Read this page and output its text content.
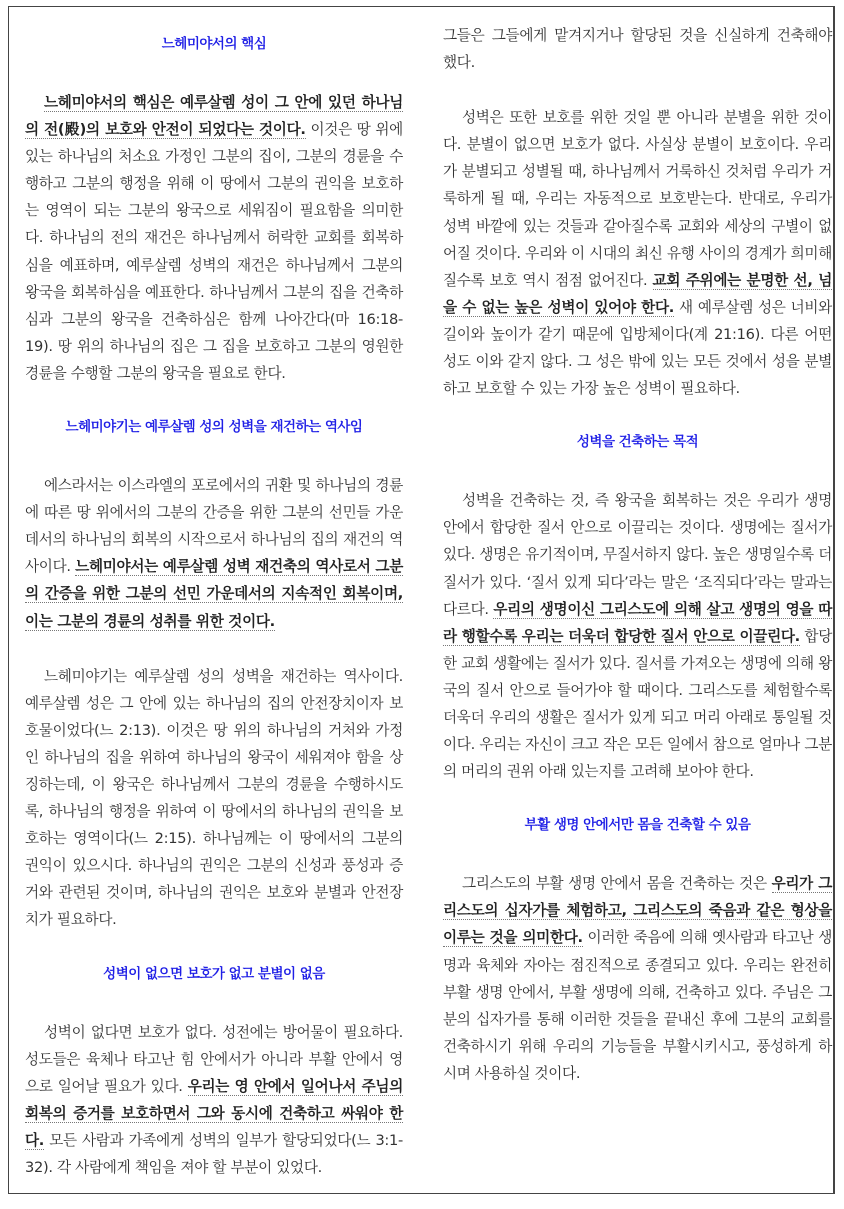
느헤미야서의 핵심

느헤미야서의 핵심은 예루살렘 성이 그 안에 있던 하나님의 전(殿)의 보호와 안전이 되었다는 것이다. 이것은 땅 위에 있는 하나님의 처소요 가정인 그분의 집이, 그분의 경륜을 수행하고 그분의 행정을 위해 이 땅에서 그분의 권익을 보호하는 영역이 되는 그분의 왕국으로 세워짐이 필요함을 의미한다. 하나님의 전의 재건은 하나님께서 허락한 교회를 회복하심을 예표하며, 예루살렘 성벽의 재건은 하나님께서 그분의 왕국을 회복하심을 예표한다. 하나님께서 그분의 집을 건축하심과 그분의 왕국을 건축하심은 함께 나아간다(마 16:18-19). 땅 위의 하나님의 집은 그 집을 보호하고 그분의 영원한 경륜을 수행할 그분의 왕국을 필요로 한다.

느헤미야기는 예루살렘 성의 성벽을 재건하는 역사임

에스라서는 이스라엘의 포로에서의 귀환 및 하나님의 경륜에 따른 땅 위에서의 그분의 간증을 위한 그분의 선민들 가운데서의 하나님의 회복의 시작으로서 하나님의 집의 재건의 역사이다. 느헤미야서는 예루살렘 성벽 재건축의 역사로서 그분의 간증을 위한 그분의 선민 가운데서의 지속적인 회복이며, 이는 그분의 경륜의 성취를 위한 것이다.

느헤미야기는 예루살렘 성의 성벽을 재건하는 역사이다. 예루살렘 성은 그 안에 있는 하나님의 집의 안전장치이자 보호물이었다(느 2:13). 이것은 땅 위의 하나님의 거처와 가정인 하나님의 집을 위하여 하나님의 왕국이 세워져야 함을 상징하는데, 이 왕국은 하나님께서 그분의 경륜을 수행하시도록, 하나님의 행정을 위하여 이 땅에서의 하나님의 권익을 보호하는 영역이다(느 2:15). 하나님께는 이 땅에서의 그분의 권익이 있으시다. 하나님의 권익은 그분의 신성과 풍성과 증거와 관련된 것이며, 하나님의 권익은 보호와 분별과 안전장치가 필요하다.

성벽이 없으면 보호가 없고 분별이 없음

성벽이 없다면 보호가 없다. 성전에는 방어물이 필요하다. 성도들은 육체나 타고난 힘 안에서가 아니라 부활 안에서 영으로 일어날 필요가 있다. 우리는 영 안에서 일어나서 주님의 회복의 증거를 보호하면서 그와 동시에 건축하고 싸워야 한다. 모든 사람과 가족에게 성벽의 일부가 할당되었다(느 3:1-32). 각 사람에게 책임을 져야 할 부분이 있었다.

그들은 그들에게 맡겨지거나 할당된 것을 신실하게 건축해야 했다.

성벽은 또한 보호를 위한 것일 뿐 아니라 분별을 위한 것이다. 분별이 없으면 보호가 없다. 사실상 분별이 보호이다. 우리가 분별되고 성별될 때, 하나님께서 거룩하신 것처럼 우리가 거룩하게 될 때, 우리는 자동적으로 보호받는다. 반대로, 우리가 성벽 바깥에 있는 것들과 같아질수록 교회와 세상의 구별이 없어질 것이다. 우리와 이 시대의 최신 유행 사이의 경계가 희미해질수록 보호 역시 점점 없어진다. 교회 주위에는 분명한 선, 넘을 수 없는 높은 성벽이 있어야 한다. 새 예루살렘 성은 너비와 길이와 높이가 같기 때문에 입방체이다(계 21:16). 다른 어떤 성도 이와 같지 않다. 그 성은 밖에 있는 모든 것에서 성을 분별하고 보호할 수 있는 가장 높은 성벽이 필요하다.

성벽을 건축하는 목적

성벽을 건축하는 것, 즉 왕국을 회복하는 것은 우리가 생명 안에서 합당한 질서 안으로 이끌리는 것이다. 생명에는 질서가 있다. 생명은 유기적이며, 무질서하지 않다. 높은 생명일수록 더 질서가 있다. ‘질서 있게 되다’라는 말은 ‘조직되다’라는 말과는 다르다. 우리의 생명이신 그리스도에 의해 살고 생명의 영을 따라 행할수록 우리는 더욱더 합당한 질서 안으로 이끌린다. 합당한 교회 생활에는 질서가 있다. 질서를 가져오는 생명에 의해 왕국의 질서 안으로 들어가야 할 때이다. 그리스도를 체험할수록 더욱더 우리의 생활은 질서가 있게 되고 머리 아래로 통일될 것이다. 우리는 자신이 크고 작은 모든 일에서 참으로 얼마나 그분의 머리의 권위 아래 있는지를 고려해 보아야 한다.

부활 생명 안에서만 몸을 건축할 수 있음

그리스도의 부활 생명 안에서 몸을 건축하는 것은 우리가 그리스도의 십자가를 체험하고, 그리스도의 죽음과 같은 형상을 이루는 것을 의미한다. 이러한 죽음에 의해 옛사람과 타고난 생명과 육체와 자아는 점진적으로 종결되고 있다. 우리는 완전히 부활 생명 안에서, 부활 생명에 의해, 건축하고 있다. 주님은 그분의 십자가를 통해 이러한 것들을 끝내신 후에 그분의 교회를 건축하시기 위해 우리의 기능들을 부활시키시고, 풍성하게 하시며 사용하실 것이다.
